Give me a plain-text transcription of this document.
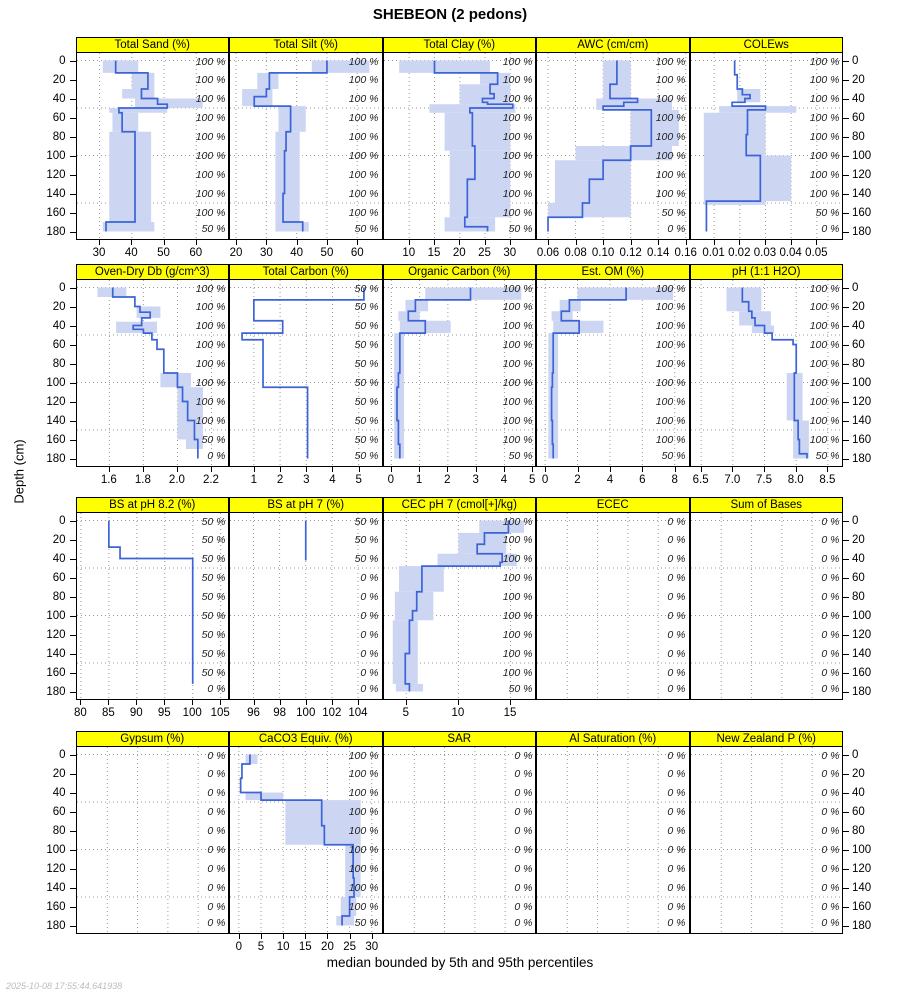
SHEBEON (2 pedons)
Depth (cm)
Total Sand (%)
100 %
100 %
100 %
100 %
100 %
100 %
100 %
100 %
100 %
50 %
30 40 50 60
Total Silt (%)
100 %
100 %
100 %
100 %
100 %
100 %
100 %
100 %
100 %
50 %
20 30 40 50 60
Total Clay (%)
100 %
100 %
100 %
100 %
100 %
100 %
100 %
100 %
100 %
50 %
10 15 20 25 30
AWC (cm/cm)
100 %
100 %
100 %
100 %
100 %
100 %
100 %
100 %
50 %
0 %
0.06 0.08 0.10 0.12 0.14 0.16
COLEws
100 %
100 %
100 %
100 %
100 %
100 %
100 %
100 %
50 %
0 %
0.01 0.02 0.03 0.04 0.05
Oven-Dry Db (g/cm^3)
100 %
100 %
100 %
100 %
100 %
100 %
100 %
100 %
50 %
0 %
1.6 1.8 2.0 2.2
Total Carbon (%)
50 %
50 %
50 %
50 %
50 %
50 %
50 %
50 %
50 %
50 %
1 2 3 4 5
Organic Carbon (%)
100 %
100 %
100 %
100 %
100 %
100 %
100 %
100 %
100 %
50 %
0 1 2 3 4 5
Est. OM (%)
100 %
100 %
100 %
100 %
100 %
100 %
100 %
100 %
100 %
50 %
0 2 4 6 8
pH (1:1 H2O)
100 %
100 %
100 %
100 %
100 %
100 %
100 %
100 %
100 %
50 %
6.5 7.0 7.5 8.0 8.5
BS at pH 8.2 (%)
50 %
50 %
50 %
50 %
50 %
50 %
50 %
50 %
50 %
0 %
80 85 90 95 100 105
BS at pH 7 (%)
50 %
50 %
50 %
0 %
0 %
0 %
0 %
0 %
0 %
0 %
96 98 100 102 104
CEC pH 7 (cmol[+]/kg)
100 %
100 %
100 %
100 %
100 %
100 %
100 %
100 %
100 %
50 %
5	10	15
ECEC
0 %
0 %
0 %
0 %
0 %
0 %
0 %
0 %
0 %
0 %
Sum of Bases
0 %
0 %
0 %
0 %
0 %
0 %
0 %
0 %
0 %
0 %
Gypsum (%)
0 %
0 %
0 %
0 %
0 %
0 %
0 %
0 %
0 %
0 %
CaCO3 Equiv. (%)
100 %
100 %
100 %
100 %
100 %
100 %
100 %
100 %
100 %
50 %
0 5 10 15 20 25 30
SAR
0 %
0 %
0 %
0 %
0 %
0 %
0 %
0 %
0 %
0 %
Al Saturation (%)
0 %
0 %
0 %
0 %
0 %
0 %
0 %
0 %
0 %
0 %
New Zealand P (%)
0 %
0 %
0 %
0 %
0 %
0 %
0 %
0 %
0 %
0 %
0	0
20	20
40	40
60	60
80	80
100	100
120	120
140	140
160	160
180	180
0	0
20	20
40	40
60	60
80	80
100	100
120	120
140	140
160	160
180	180
0	0
20	20
40	40
60	60
80	80
100	100
120	120
140	140
160	160
180	180
0	0
20	20
40	40
60	60
80	80
100	100
120	120
140	140
160	160
180	180
median bounded by 5th and 95th percentiles
2025-10-08 17:55:44.641938
